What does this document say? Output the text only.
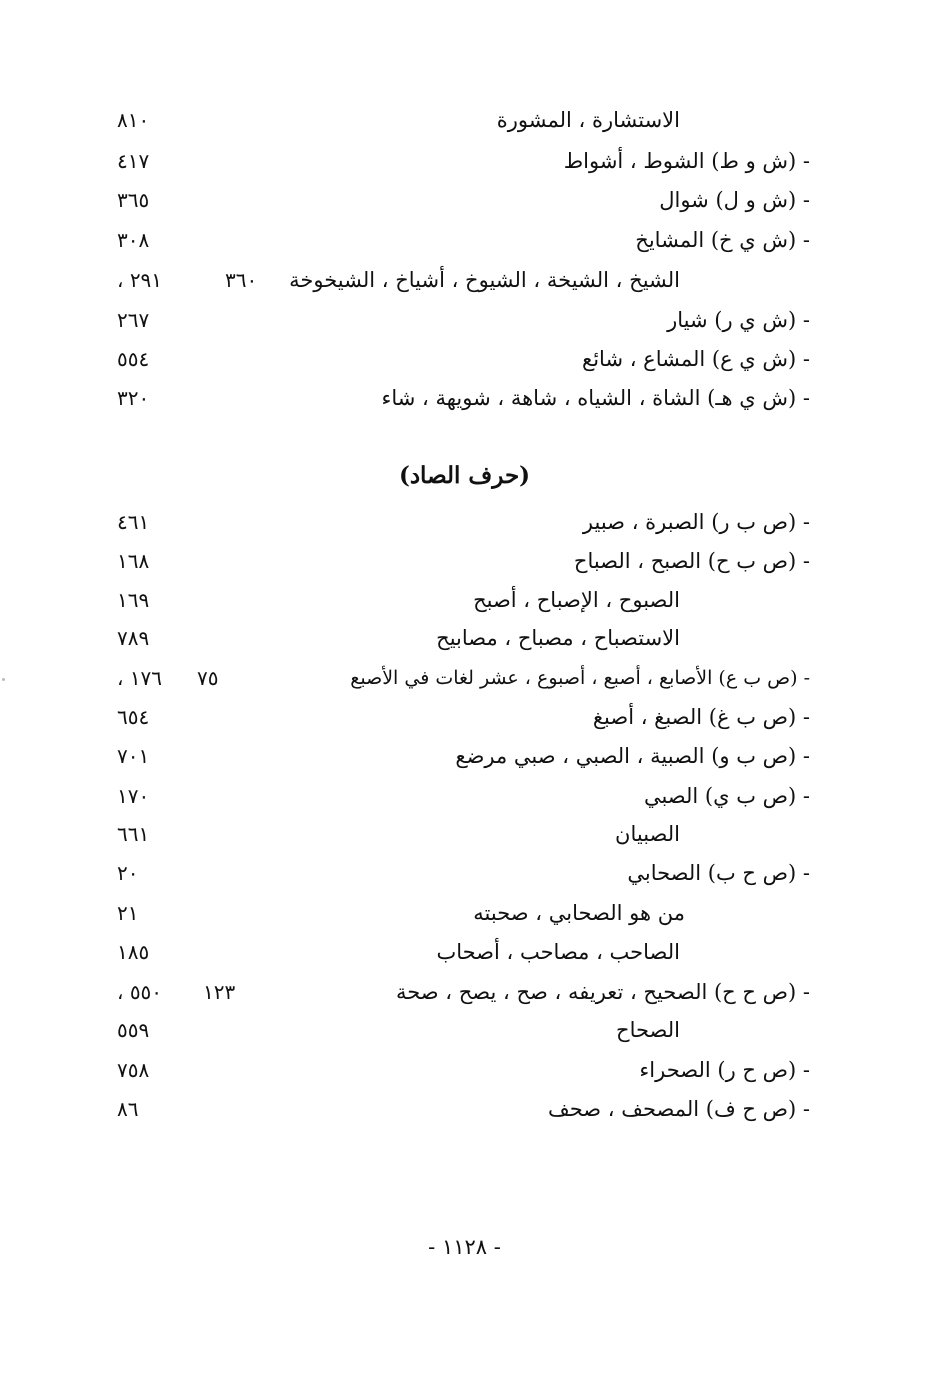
الاستشارة ، المشورة
٨١٠
- (ش و ط) الشوط ، أشواط
٤١٧
- (ش و ل) شوال
٣٦٥
- (ش ي خ) المشايخ
٣٠٨
الشيخ ، الشيخة ، الشيوخ ، أشياخ ، الشيخوخة
٣٦٠
٢٩١ ،
- (ش ي ر) شيار
٢٦٧
- (ش ي ع) المشاع ، شائع
٥٥٤
- (ش ي هـ) الشاة ، الشياه ، شاهة ، شويهة ، شاء
٣٢٠
(حرف الصاد)
- (ص ب ر) الصبرة ، صبير
٤٦١
- (ص ب ح) الصبح ، الصباح
١٦٨
الصبوح ، الإصباح ، أصبح
١٦٩
الاستصباح ، مصباح ، مصابيح
٧٨٩
- (ص ب ع) الأصابع ، أصبع ، أصبوع ، عشر لغات في الأصبع
٧٥
١٧٦ ،
- (ص ب غ) الصبغ ، أصبغ
٦٥٤
- (ص ب و) الصبية ، الصبي ، صبي مرضع
٧٠١
- (ص ب ي) الصبي
١٧٠
الصبيان
٦٦١
- (ص ح ب) الصحابي
٢٠
من هو الصحابي ، صحبته
٢١
الصاحب ، مصاحب ، أصحاب
١٨٥
- (ص ح ح) الصحيح ، تعريفه ، صح ، يصح ، صحة
١٢٣
٥٥٠ ،
الصحاح
٥٥٩
- (ص ح ر) الصحراء
٧٥٨
- (ص ح ف) المصحف ، صحف
٨٦
- ١١٢٨ -
